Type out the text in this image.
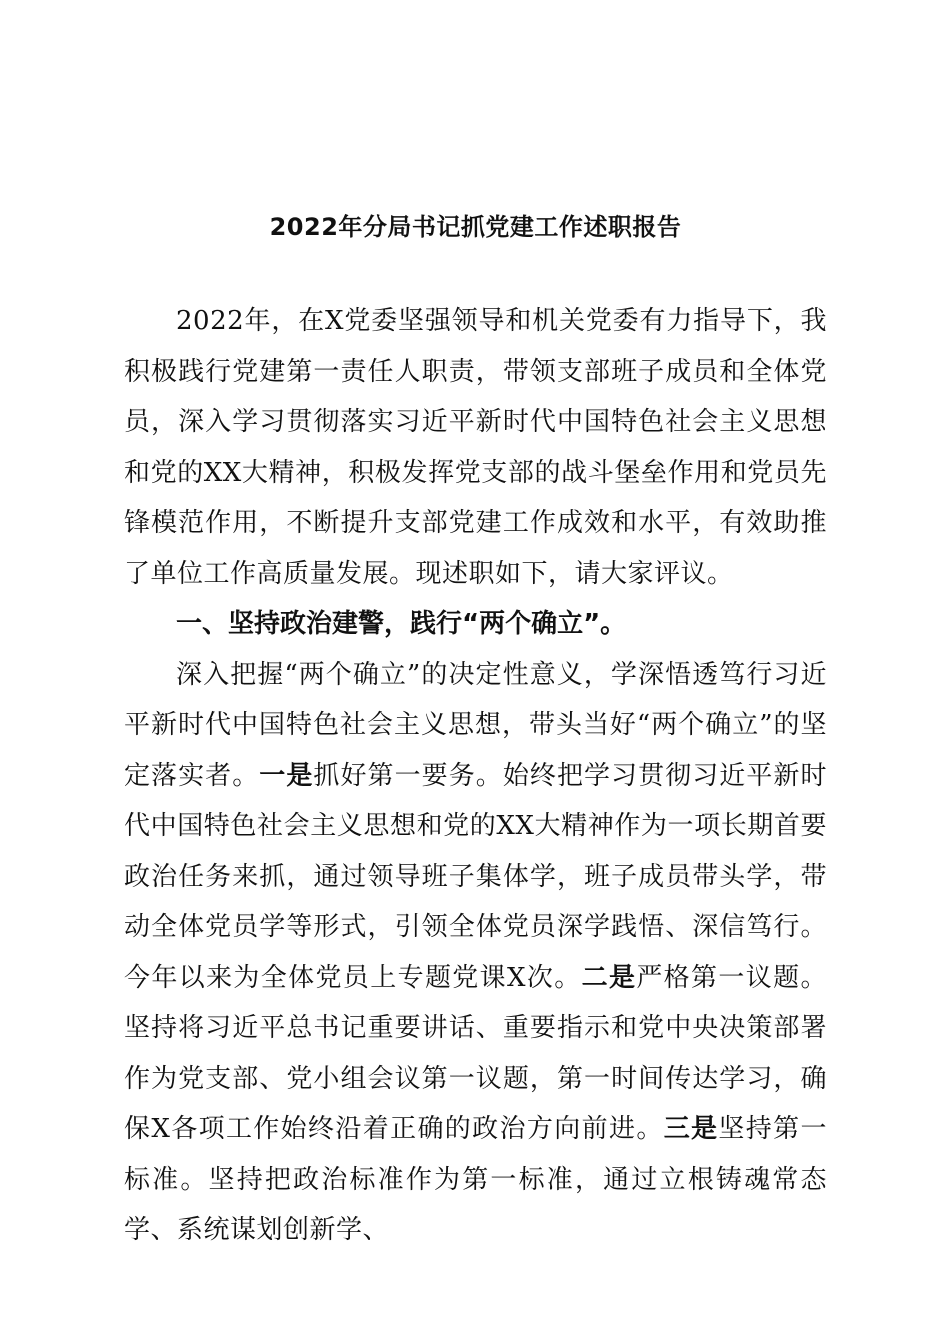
2022年分局书记抓党建工作述职报告

2022年，在X党委坚强领导和机关党委有力指导下，我积极践行党建第一责任人职责，带领支部班子成员和全体党员，深入学习贯彻落实习近平新时代中国特色社会主义思想和党的XX大精神，积极发挥党支部的战斗堡垒作用和党员先锋模范作用，不断提升支部党建工作成效和水平，有效助推了单位工作高质量发展。现述职如下，请大家评议。

一、坚持政治建警，践行“两个确立”。

深入把握“两个确立”的决定性意义，学深悟透笃行习近平新时代中国特色社会主义思想，带头当好“两个确立”的坚定落实者。一是抓好第一要务。始终把学习贯彻习近平新时代中国特色社会主义思想和党的XX大精神作为一项长期首要政治任务来抓，通过领导班子集体学，班子成员带头学，带动全体党员学等形式，引领全体党员深学践悟、深信笃行。今年以来为全体党员上专题党课X次。二是严格第一议题。坚持将习近平总书记重要讲话、重要指示和党中央决策部署作为党支部、党小组会议第一议题，第一时间传达学习，确保X各项工作始终沿着正确的政治方向前进。三是坚持第一标准。坚持把政治标准作为第一标准，通过立根铸魂常态学、系统谋划创新学、
